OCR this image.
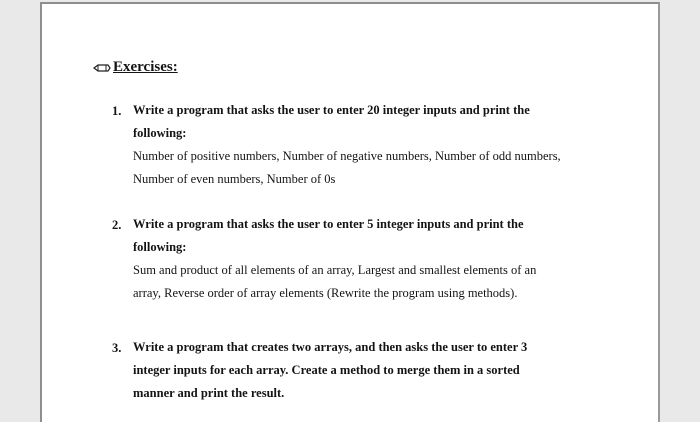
Exercises:
1. Write a program that asks the user to enter 20 integer inputs and print the
following:
Number of positive numbers, Number of negative numbers, Number of odd numbers,
Number of even numbers, Number of 0s
2. Write a program that asks the user to enter 5 integer inputs and print the
following:
Sum and product of all elements of an array, Largest and smallest elements of an
array, Reverse order of array elements (Rewrite the program using methods).
3. Write a program that creates two arrays, and then asks the user to enter 3
integer inputs for each array. Create a method to merge them in a sorted
manner and print the result.
